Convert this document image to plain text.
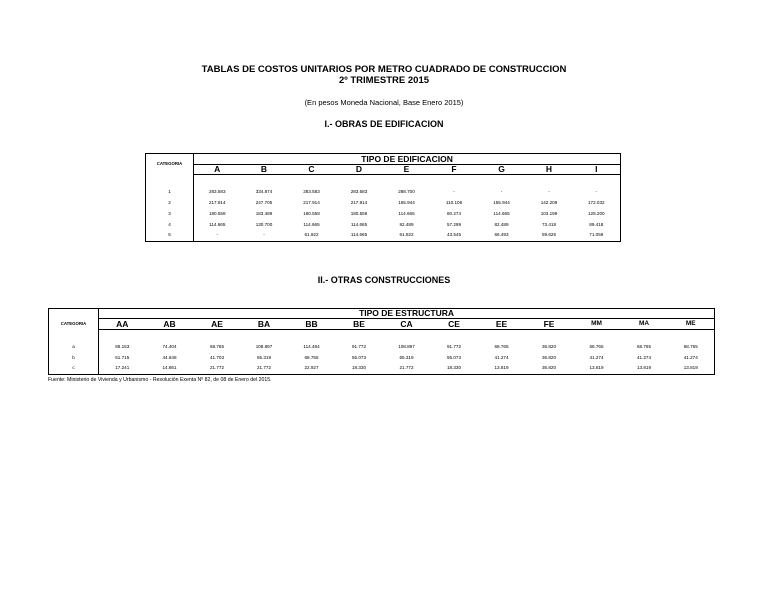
TABLAS DE COSTOS UNITARIOS POR METRO CUADRADO DE CONSTRUCCION
2º TRIMESTRE 2015
(En pesos Moneda Nacional, Base Enero 2015)
I.- OBRAS DE EDIFICACION
	TIPO DE EDIFICACION								
	A	B	C	D	E	F	G	H	I

CATEGORIA									

1	283.583	334.874	283.583	283.583	288.700	-	-	-	-
2	217.914	247.705	217.914	217.914	155.944	110.106	155.944	142.209	172.032
3	180.558	183.489	180.558	180.558	114.665	80.274	114.665	103.199	128.200
4	114.665	130.700	114.665	114.665	82.489	57.299	82.489	73.418	89.418
5	-	-	61.922	114.665	61.922	43.545	66.493	59.626	71.059
II.- OTRAS CONSTRUCCIONES
	TIPO DE ESTRUCTURA												
	AA	AB	AE	BA	BB	BE	CA	CE	EE	FE	MM	MA	ME

CATEGORIA													

a	86.153	74.404	68.765	108.897	114.484	91.772	108.897	91.772	68.765	36.820	68.765	68.765	68.765
b	51.715	44.648	41.703	65.319	68.755	55.073	65.319	55.073	41.274	36.820	41.274	41.274	41.274
c	17.241	14.861	21.772	21.772	22.927	18.330	21.772	18.330	13.819	36.820	13.819	13.819	13.819
Fuente: Ministerio de Vivienda y Urbanismo - Resolución Exenta Nº 82, de 08 de Enero del 2015.
